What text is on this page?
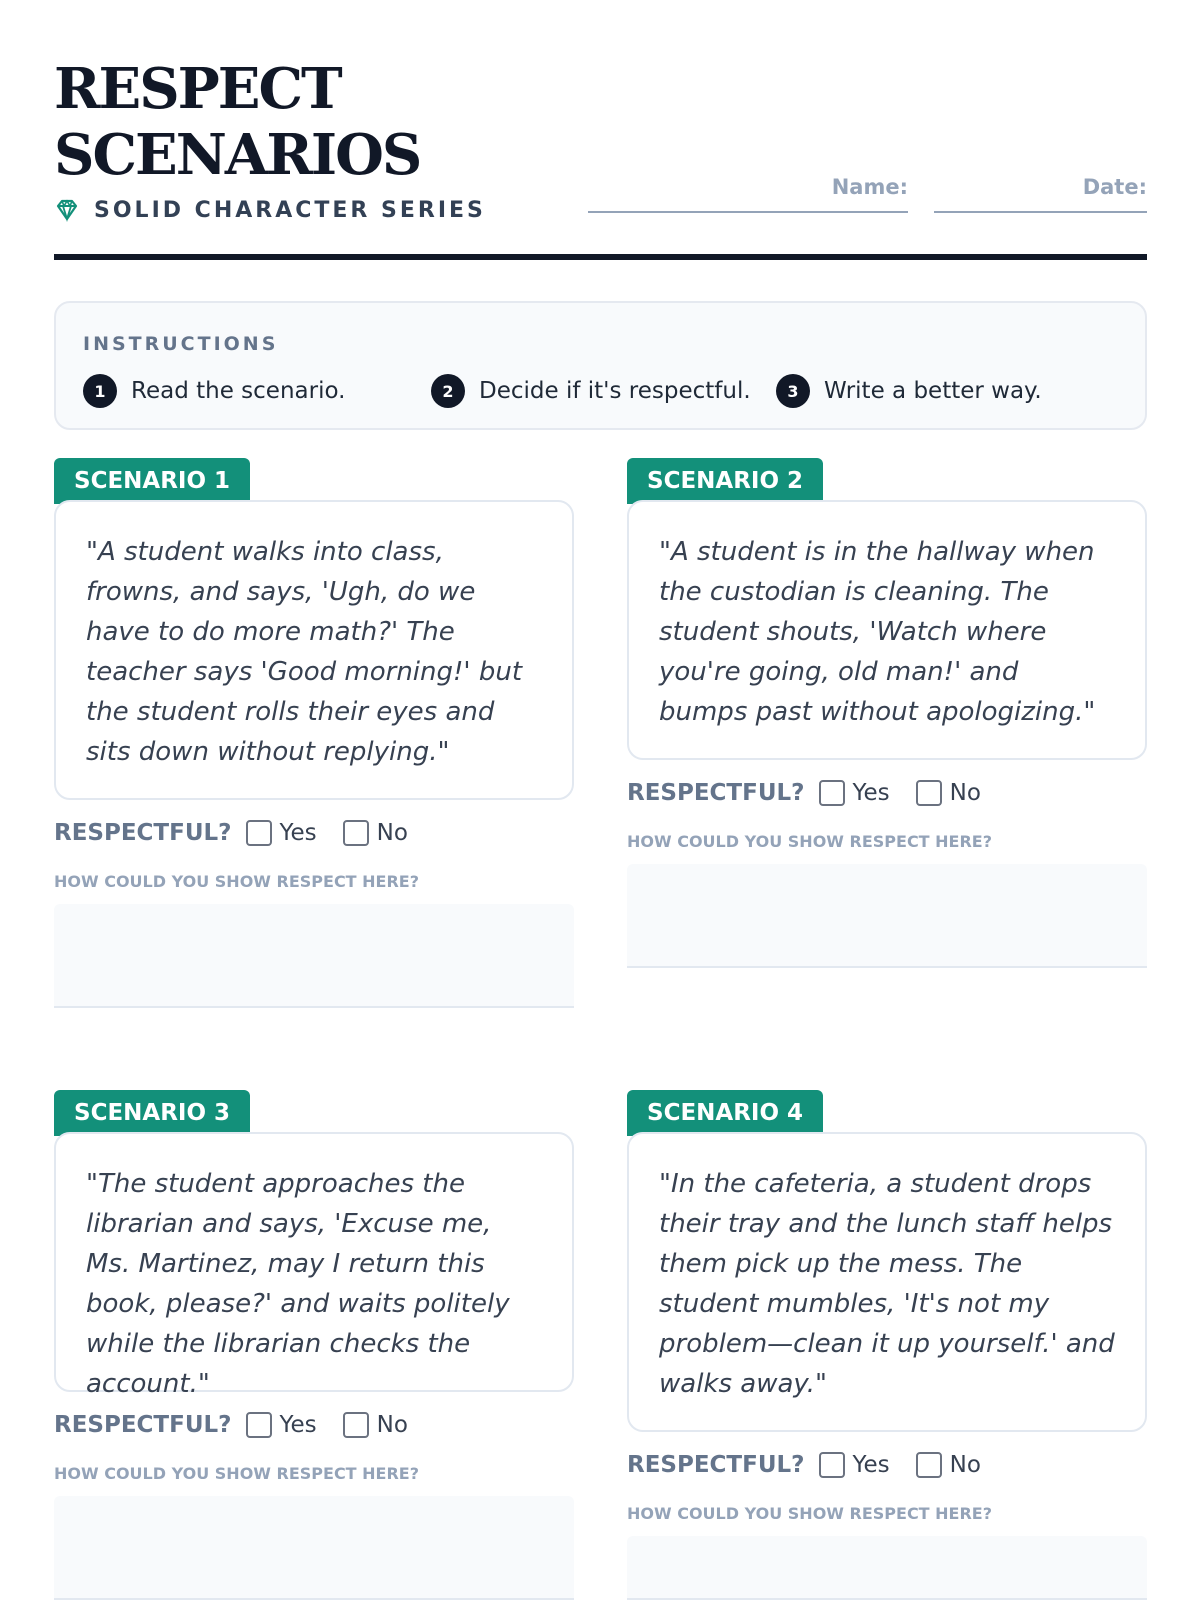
RESPECT
SCENARIOS
SOLID CHARACTER SERIES
Name:	Date:
INSTRUCTIONS
1	Read the scenario.	2	Decide if it's respectful.	3	Write a better way.
SCENARIO 1

"A student walks into class, frowns, and says, 'Ugh, do we have to do more math?' The teacher says 'Good morning!' but the student rolls their eyes and sits down without replying."

RESPECTFUL? Yes	No
HOW COULD YOU SHOW RESPECT HERE?
SCENARIO 2

"A student is in the hallway when the custodian is cleaning. The student shouts, 'Watch where you're going, old man!' and bumps past without apologizing."

RESPECTFUL? Yes	No
HOW COULD YOU SHOW RESPECT HERE?
SCENARIO 3

"The student approaches the librarian and says, 'Excuse me, Ms. Martinez, may I return this book, please?' and waits politely while the librarian checks the account."

RESPECTFUL? Yes	No
HOW COULD YOU SHOW RESPECT HERE?
SCENARIO 4

"In the cafeteria, a student drops their tray and the lunch staff helps them pick up the mess. The student mumbles, 'It's not my problem—clean it up yourself.' and walks away."

RESPECTFUL? Yes	No
HOW COULD YOU SHOW RESPECT HERE?
